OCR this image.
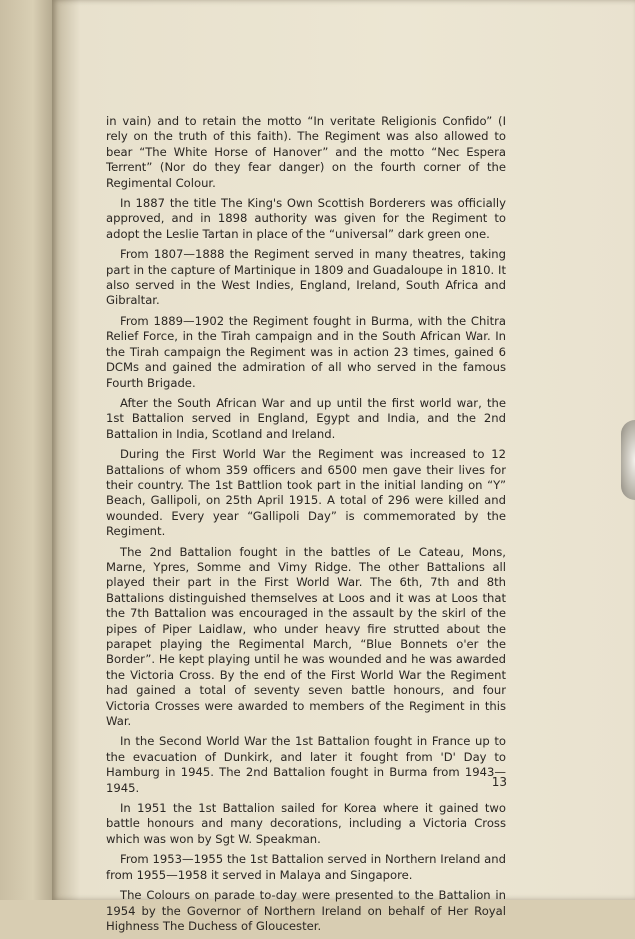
in vain) and to retain the motto “In veritate Religionis Confido” (I rely on the truth of this faith). The Regiment was also allowed to bear “The White Horse of Hanover” and the motto “Nec Espera Terrent” (Nor do they fear danger) on the fourth corner of the Regimental Colour.

In 1887 the title The King's Own Scottish Borderers was officially approved, and in 1898 authority was given for the Regiment to adopt the Leslie Tartan in place of the “universal” dark green one.

From 1807—1888 the Regiment served in many theatres, taking part in the capture of Martinique in 1809 and Guadaloupe in 1810. It also served in the West Indies, England, Ireland, South Africa and Gibraltar.

From 1889—1902 the Regiment fought in Burma, with the Chitra Relief Force, in the Tirah campaign and in the South African War. In the Tirah campaign the Regiment was in action 23 times, gained 6 DCMs and gained the admiration of all who served in the famous Fourth Brigade.

After the South African War and up until the first world war, the 1st Battalion served in England, Egypt and India, and the 2nd Battalion in India, Scotland and Ireland.

During the First World War the Regiment was increased to 12 Battalions of whom 359 officers and 6500 men gave their lives for their country. The 1st Battlion took part in the initial landing on “Y” Beach, Gallipoli, on 25th April 1915. A total of 296 were killed and wounded. Every year “Gallipoli Day” is commemorated by the Regiment.

The 2nd Battalion fought in the battles of Le Cateau, Mons, Marne, Ypres, Somme and Vimy Ridge. The other Battalions all played their part in the First World War. The 6th, 7th and 8th Battalions distinguished themselves at Loos and it was at Loos that the 7th Battalion was encouraged in the assault by the skirl of the pipes of Piper Laidlaw, who under heavy fire strutted about the parapet playing the Regimental March, “Blue Bonnets o'er the Border”. He kept playing until he was wounded and he was awarded the Victoria Cross. By the end of the First World War the Regiment had gained a total of seventy seven battle honours, and four Victoria Crosses were awarded to members of the Regiment in this War.

In the Second World War the 1st Battalion fought in France up to the evacuation of Dunkirk, and later it fought from 'D' Day to Hamburg in 1945. The 2nd Battalion fought in Burma from 1943—1945.

In 1951 the 1st Battalion sailed for Korea where it gained two battle honours and many decorations, including a Victoria Cross which was won by Sgt W. Speakman.

From 1953—1955 the 1st Battalion served in Northern Ireland and from 1955—1958 it served in Malaya and Singapore.

The Colours on parade to-day were presented to the Battalion in 1954 by the Governor of Northern Ireland on behalf of Her Royal Highness The Duchess of Gloucester.

13
